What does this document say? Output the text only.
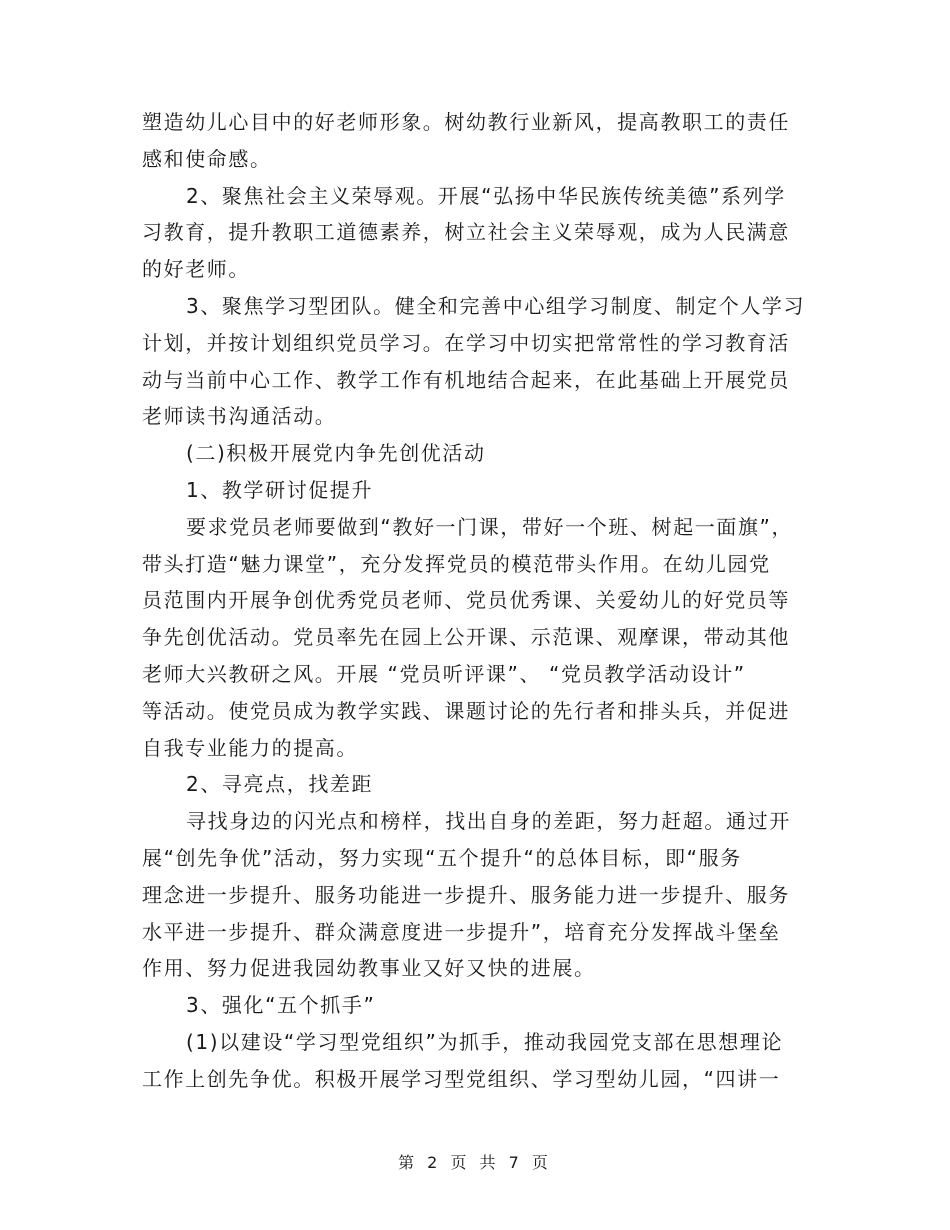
塑造幼儿心目中的好老师形象。树幼教行业新风，提高教职工的责任
感和使命感。
2、聚焦社会主义荣辱观。开展“弘扬中华民族传统美德”系列学
习教育，提升教职工道德素养，树立社会主义荣辱观，成为人民满意
的好老师。
3、聚焦学习型团队。健全和完善中心组学习制度、制定个人学习
计划，并按计划组织党员学习。在学习中切实把常常性的学习教育活
动与当前中心工作、教学工作有机地结合起来，在此基础上开展党员
老师读书沟通活动。
(二)积极开展党内争先创优活动
1、教学研讨促提升
要求党员老师要做到“教好一门课，带好一个班、树起一面旗”，
带头打造“魅力课堂”，充分发挥党员的模范带头作用。在幼儿园党
员范围内开展争创优秀党员老师、党员优秀课、关爱幼儿的好党员等
争先创优活动。党员率先在园上公开课、示范课、观摩课，带动其他
老师大兴教研之风。开展 “党员听评课”、 “党员教学活动设计”
等活动。使党员成为教学实践、课题讨论的先行者和排头兵，并促进
自我专业能力的提高。
2、寻亮点，找差距
寻找身边的闪光点和榜样，找出自身的差距，努力赶超。通过开
展“创先争优”活动，努力实现“五个提升“的总体目标，即“服务
理念进一步提升、服务功能进一步提升、服务能力进一步提升、服务
水平进一步提升、群众满意度进一步提升”，培育充分发挥战斗堡垒
作用、努力促进我园幼教事业又好又快的进展。
3、强化“五个抓手”
(1)以建设“学习型党组织”为抓手，推动我园党支部在思想理论
工作上创先争优。积极开展学习型党组织、学习型幼儿园，“四讲一
第 2 页 共 7 页
